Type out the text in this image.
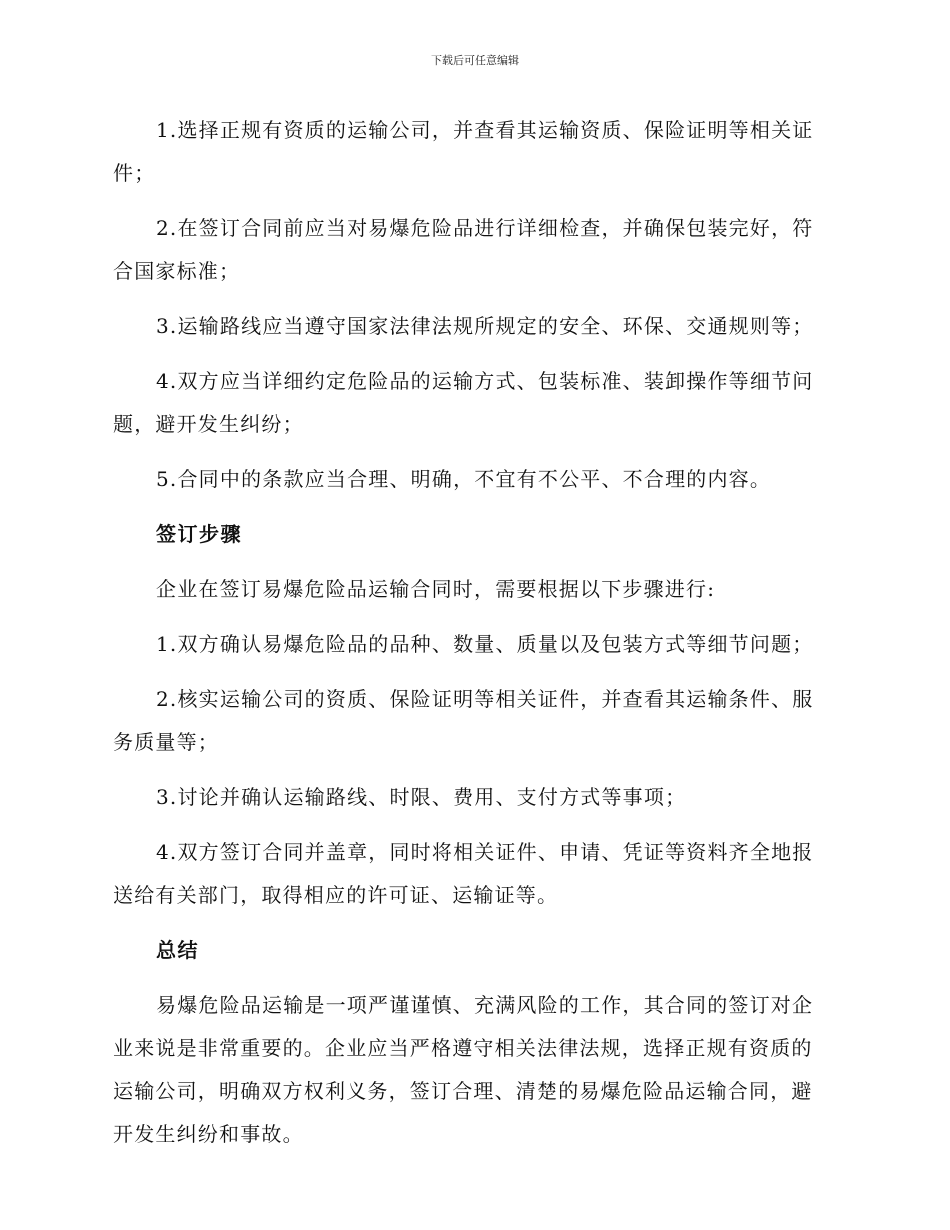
下载后可任意编辑

1.选择正规有资质的运输公司，并查看其运输资质、保险证明等相关证件；

2.在签订合同前应当对易爆危险品进行详细检查，并确保包装完好，符合国家标准；

3.运输路线应当遵守国家法律法规所规定的安全、环保、交通规则等；

4.双方应当详细约定危险品的运输方式、包装标准、装卸操作等细节问题，避开发生纠纷；

5.合同中的条款应当合理、明确，不宜有不公平、不合理的内容。

签订步骤

企业在签订易爆危险品运输合同时，需要根据以下步骤进行:

1.双方确认易爆危险品的品种、数量、质量以及包装方式等细节问题；

2.核实运输公司的资质、保险证明等相关证件，并查看其运输条件、服务质量等；

3.讨论并确认运输路线、时限、费用、支付方式等事项；

4.双方签订合同并盖章，同时将相关证件、申请、凭证等资料齐全地报送给有关部门，取得相应的许可证、运输证等。

总结

易爆危险品运输是一项严谨谨慎、充满风险的工作，其合同的签订对企业来说是非常重要的。企业应当严格遵守相关法律法规，选择正规有资质的运输公司，明确双方权利义务，签订合理、清楚的易爆危险品运输合同，避开发生纠纷和事故。
